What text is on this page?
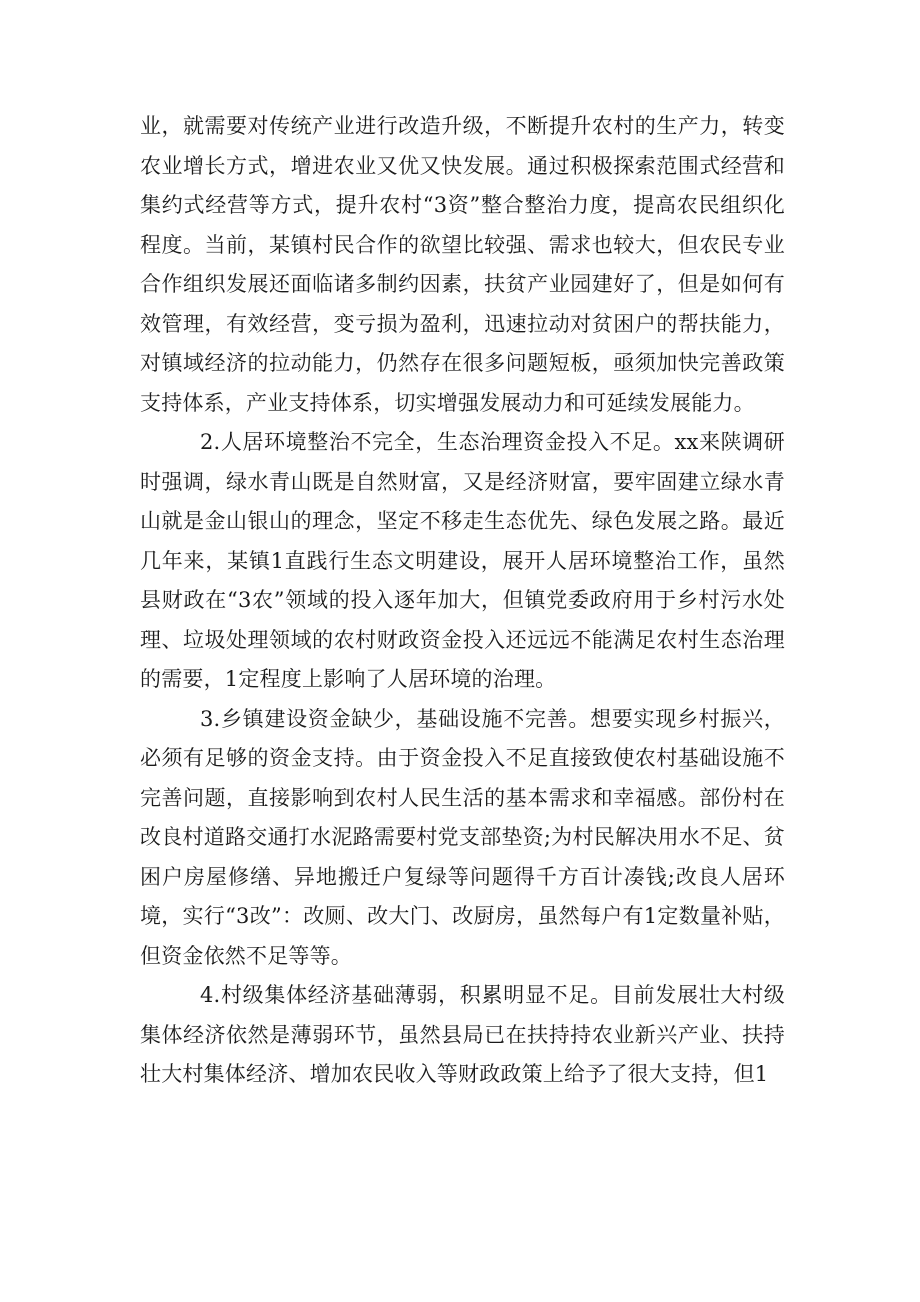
业，就需要对传统产业进行改造升级，不断提升农村的生产力，转变农业增长方式，增进农业又优又快发展。通过积极探索范围式经营和集约式经营等方式，提升农村“3资”整合整治力度，提高农民组织化程度。当前，某镇村民合作的欲望比较强、需求也较大，但农民专业合作组织发展还面临诸多制约因素，扶贫产业园建好了，但是如何有效管理，有效经营，变亏损为盈利，迅速拉动对贫困户的帮扶能力，对镇域经济的拉动能力，仍然存在很多问题短板，亟须加快完善政策支持体系，产业支持体系，切实增强发展动力和可延续发展能力。

2.人居环境整治不完全，生态治理资金投入不足。xx来陕调研时强调，绿水青山既是自然财富，又是经济财富，要牢固建立绿水青山就是金山银山的理念，坚定不移走生态优先、绿色发展之路。最近几年来，某镇1直践行生态文明建设，展开人居环境整治工作，虽然县财政在“3农”领域的投入逐年加大，但镇党委政府用于乡村污水处理、垃圾处理领域的农村财政资金投入还远远不能满足农村生态治理的需要，1定程度上影响了人居环境的治理。

3.乡镇建设资金缺少，基础设施不完善。想要实现乡村振兴，必须有足够的资金支持。由于资金投入不足直接致使农村基础设施不完善问题，直接影响到农村人民生活的基本需求和幸福感。部份村在改良村道路交通打水泥路需要村党支部垫资;为村民解决用水不足、贫困户房屋修缮、异地搬迁户复绿等问题得千方百计凑钱;改良人居环境，实行“3改”：改厕、改大门、改厨房，虽然每户有1定数量补贴，但资金依然不足等等。

4.村级集体经济基础薄弱，积累明显不足。目前发展壮大村级集体经济依然是薄弱环节，虽然县局已在扶持持农业新兴产业、扶持壮大村集体经济、增加农民收入等财政政策上给予了很大支持，但1
